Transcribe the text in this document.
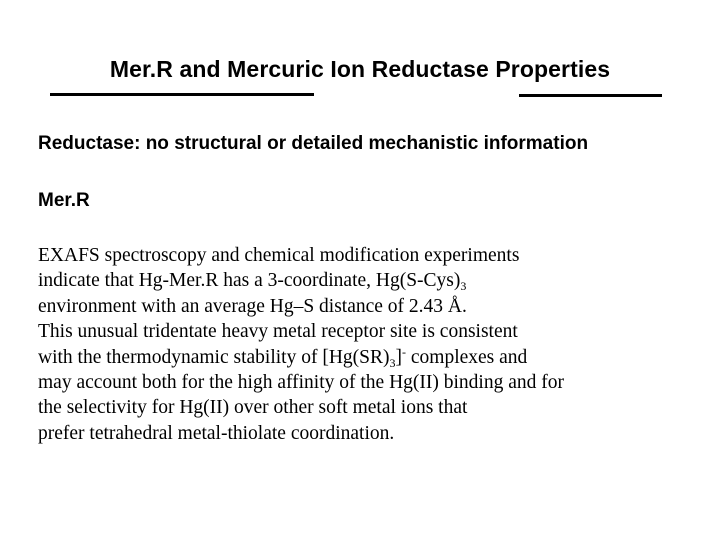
Mer.R and Mercuric Ion Reductase Properties
Reductase: no structural or detailed mechanistic information
Mer.R
EXAFS spectroscopy and chemical modification experiments
indicate that Hg-Mer.R has a 3-coordinate, $Hg(S-Cys)_3$
environment with an average Hg–S distance of 2.43 Å.
This unusual tridentate heavy metal receptor site is consistent
with the thermodynamic stability of $[Hg(SR)_3]^-$ complexes and
may account both for the high affinity of the Hg(II) binding and for
the selectivity for Hg(II) over other soft metal ions that
prefer tetrahedral metal-thiolate coordination.
